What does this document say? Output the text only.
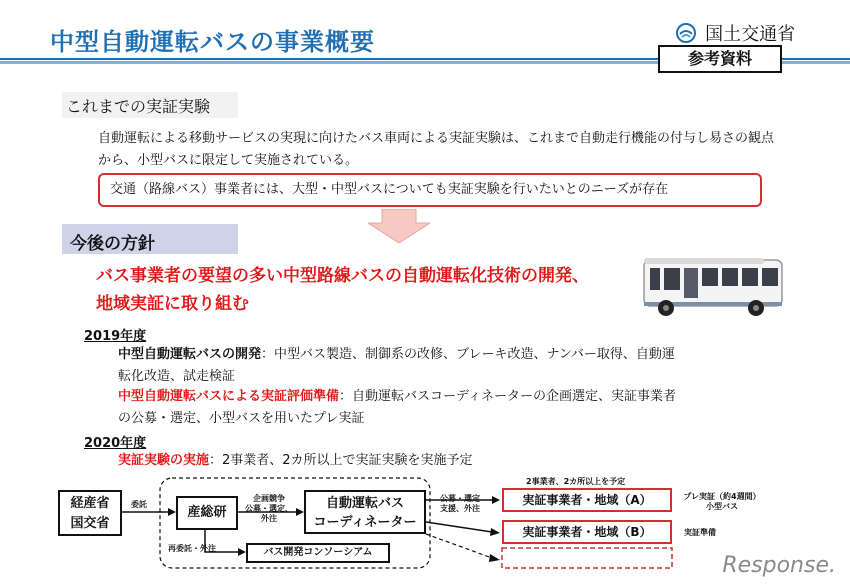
中型自動運転バスの事業概要	国土交通省
参考資料
これまでの実証実験
自動運転による移動サービスの実現に向けたバス車両による実証実験は、これまで自動走行機能の付与し易さの観点から、小型バスに限定して実施されている。
交通（路線バス）事業者には、大型・中型バスについても実証実験を行いたいとのニーズが存在
今後の方針
バス事業者の要望の多い中型路線バスの自動運転化技術の開発、
地域実証に取り組む
2019年度
中型自動運転バスの開発：中型バス製造、制御系の改修、ブレーキ改造、ナンバー取得、自動運
転化改造、試走検証
中型自動運転バスによる実証評価準備：自動運転バスコーディネーターの企画選定、実証事業者
の公募・選定、小型バスを用いたプレ実証
2020年度
実証実験の実施：2事業者、2カ所以上で実証実験を実施予定
経産省
国交省
委託
産総研
企画競争
公募・選定、
外注
自動運転バス
コーディネーター
再委託・外注	バス開発コンソーシアム
公募・選定
支援、外注
2事業者、2カ所以上を予定
実証事業者・地域（A）
実証事業者・地域（B）
プレ実証（約4週間）
小型バス
実証準備
Response.
